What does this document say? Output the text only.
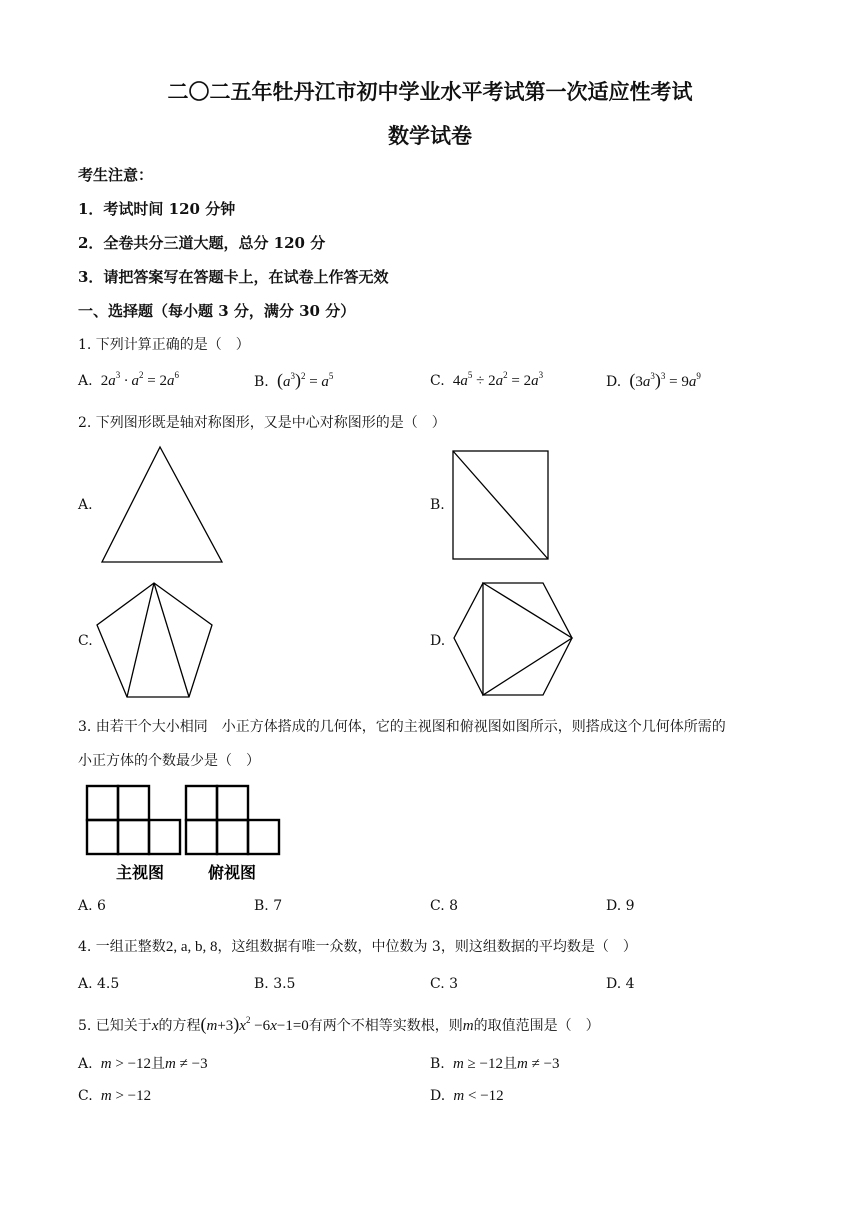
二〇二五年牡丹江市初中学业水平考试第一次适应性考试
数学试卷
考生注意：
1．考试时间 120 分钟
2．全卷共分三道大题，总分 120 分
3．请把答案写在答题卡上，在试卷上作答无效
一、选择题（每小题 3 分，满分 30 分）
1. 下列计算正确的是（　）
A. $2a^3 \cdot a^2 = 2a^6$	B. $(a^3)^2 = a^5$	C. $4a^5 \div 2a^2 = 2a^3$	D. $(3a^3)^3 = 9a^9$
2. 下列图形既是轴对称图形，又是中心对称图形的是（　）
A.	B.
C.	D.
3. 由若干个大小相同　小正方体搭成的几何体，它的主视图和俯视图如图所示，则搭成这个几何体所需的
小正方体的个数最少是（　）
主视图	俯视图
A. 6	B. 7	C. 8	D. 9
4. 一组正整数2, a, b, 8，这组数据有唯一众数，中位数为 3，则这组数据的平均数是（　）
A. 4.5	B. 3.5	C. 3	D. 4
5. 已知关于x的方程$(m+3)x^2 -6x-1=0$有两个不相等实数根，则m的取值范围是（　）
A.  m > −12且m ≠ −3	B.  m ≥ −12且m ≠ −3
C.  m > −12	D.  m < −12
